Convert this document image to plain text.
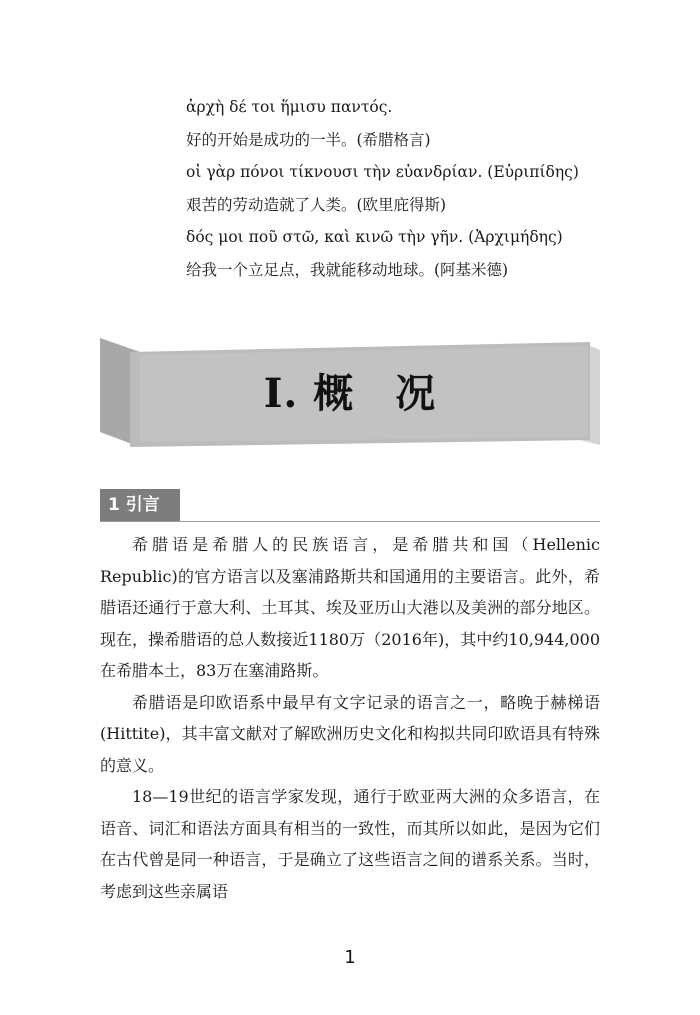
ἀρχὴ δέ τοι ἥμισυ παντός.
好的开始是成功的一半。(希腊格言)
οἱ γὰρ πόνοι τίκνουσι τὴν εὐανδρίαν. (Εὐριπίδης)
艰苦的劳动造就了人类。(欧里庇得斯)
δός μοι ποῦ στῶ, καὶ κινῶ τὴν γῆν. (Ἀρχιμήδης)
给我一个立足点，我就能移动地球。(阿基米德)
I. 概　况
1 引言

希腊语是希腊人的民族语言，是希腊共和国（Hellenic Republic)的官方语言以及塞浦路斯共和国通用的主要语言。此外，希腊语还通行于意大利、土耳其、埃及亚历山大港以及美洲的部分地区。现在，操希腊语的总人数接近1180万（2016年)，其中约10,944,000在希腊本土，83万在塞浦路斯。

希腊语是印欧语系中最早有文字记录的语言之一，略晚于赫梯语 (Hittite)，其丰富文献对了解欧洲历史文化和构拟共同印欧语具有特殊的意义。

18—19世纪的语言学家发现，通行于欧亚两大洲的众多语言，在语音、词汇和语法方面具有相当的一致性，而其所以如此，是因为它们在古代曾是同一种语言，于是确立了这些语言之间的谱系关系。当时，考虑到这些亲属语

1
